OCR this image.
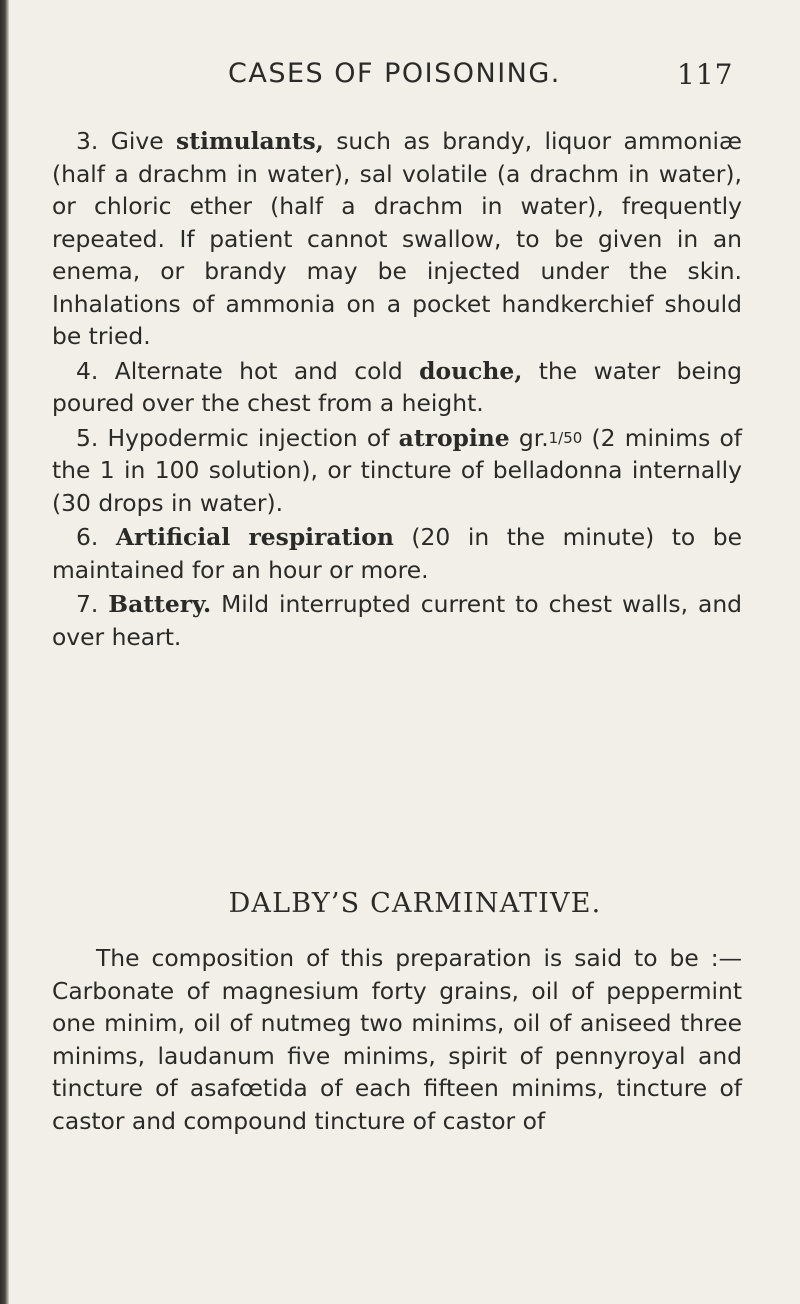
CASES OF POISONING.	117

3. Give stimulants, such as brandy, liquor ammoniæ (half a drachm in water), sal volatile (a drachm in water), or chloric ether (half a drachm in water), frequently repeated. If patient cannot swallow, to be given in an enema, or brandy may be injected under the skin. Inhalations of ammonia on a pocket handkerchief should be tried.

4. Alternate hot and cold douche, the water being poured over the chest from a height.

5. Hypodermic injection of atropine gr.1/50 (2 minims of the 1 in 100 solution), or tincture of belladonna internally (30 drops in water).

6. Artificial respiration (20 in the minute) to be maintained for an hour or more.

7. Battery. Mild interrupted current to chest walls, and over heart.

DALBY’S CARMINATIVE.

The composition of this preparation is said to be :—Carbonate of magnesium forty grains, oil of peppermint one minim, oil of nutmeg two minims, oil of aniseed three minims, laudanum five minims, spirit of pennyroyal and tincture of asafœtida of each fifteen minims, tincture of castor and compound tincture of castor of
